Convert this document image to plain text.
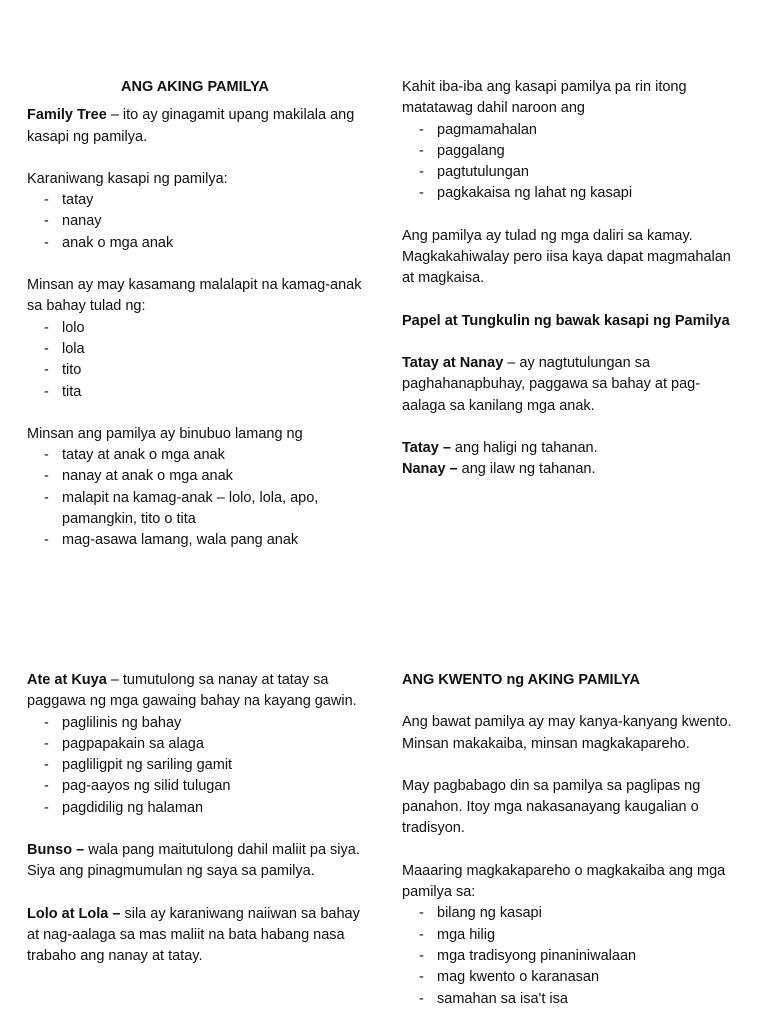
ANG AKING PAMILYA

Family Tree – ito ay ginagamit upang makilala ang kasapi ng pamilya.

Karaniwang kasapi ng pamilya:

- tatay
- nanay
- anak o mga anak

Minsan ay may kasamang malalapit na kamag-anak sa bahay tulad ng:

- lolo
- lola
- tito
- tita

Minsan ang pamilya ay binubuo lamang ng

- tatay at anak o mga anak
- nanay at anak o mga anak
- malapit na kamag-anak – lolo, lola, apo, pamangkin, tito o tita
- mag-asawa lamang, wala pang anak

Kahit iba-iba ang kasapi pamilya pa rin itong matatawag dahil naroon ang

- pagmamahalan
- paggalang
- pagtutulungan
- pagkakaisa ng lahat ng kasapi

Ang pamilya ay tulad ng mga daliri sa kamay. Magkakahiwalay pero iisa kaya dapat magmahalan at magkaisa.

Papel at Tungkulin ng bawak kasapi ng Pamilya

Tatay at Nanay – ay nagtutulungan sa paghahanapbuhay, paggawa sa bahay at pag-aalaga sa kanilang mga anak.

Tatay – ang haligi ng tahanan.

Nanay – ang ilaw ng tahanan.

Ate at Kuya – tumutulong sa nanay at tatay sa paggawa ng mga gawaing bahay na kayang gawin.

- paglilinis ng bahay
- pagpapakain sa alaga
- pagliligpit ng sariling gamit
- pag-aayos ng silid tulugan
- pagdidilig ng halaman

Bunso – wala pang maitutulong dahil maliit pa siya. Siya ang pinagmumulan ng saya sa pamilya.

Lolo at Lola – sila ay karaniwang naiiwan sa bahay at nag-aalaga sa mas maliit na bata habang nasa trabaho ang nanay at tatay.

ANG KWENTO ng AKING PAMILYA

Ang bawat pamilya ay may kanya-kanyang kwento. Minsan makakaiba, minsan magkakapareho.

May pagbabago din sa pamilya sa paglipas ng panahon. Itoy mga nakasanayang kaugalian o tradisyon.

Maaaring magkakapareho o magkakaiba ang mga pamilya sa:

- bilang ng kasapi
- mga hilig
- mga tradisyong pinaniniwalaan
- mag kwento o karanasan
- samahan sa isa't isa
